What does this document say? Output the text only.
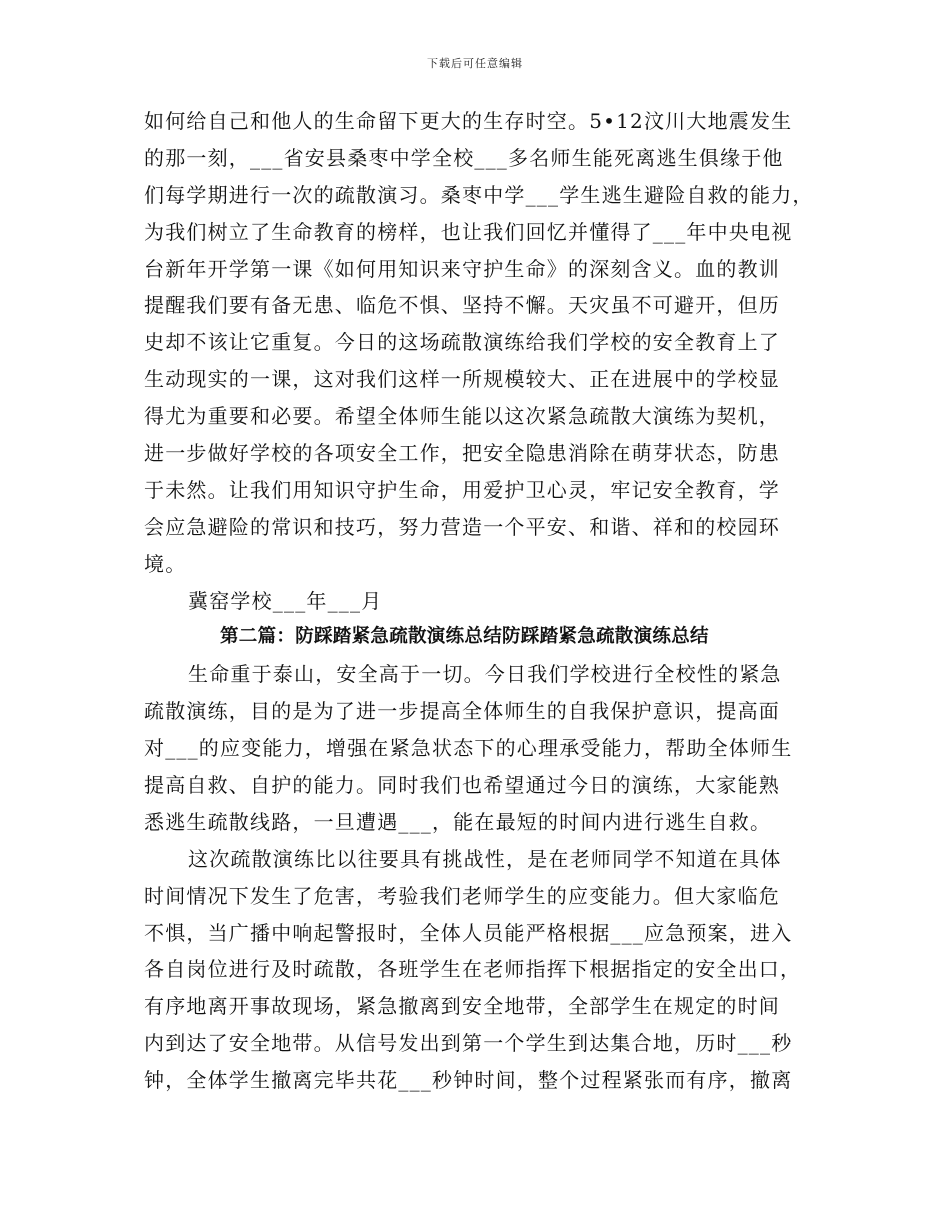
下载后可任意编辑
如何给自己和他人的生命留下更大的生存时空。5•12汶川大地震发生
的那一刻，___省安县桑枣中学全校___多名师生能死离逃生俱缘于他
们每学期进行一次的疏散演习。桑枣中学___学生逃生避险自救的能力，
为我们树立了生命教育的榜样，也让我们回忆并懂得了___年中央电视
台新年开学第一课《如何用知识来守护生命》的深刻含义。血的教训
提醒我们要有备无患、临危不惧、坚持不懈。天灾虽不可避开，但历
史却不该让它重复。今日的这场疏散演练给我们学校的安全教育上了
生动现实的一课，这对我们这样一所规模较大、正在进展中的学校显
得尤为重要和必要。希望全体师生能以这次紧急疏散大演练为契机，
进一步做好学校的各项安全工作，把安全隐患消除在萌芽状态，防患
于未然。让我们用知识守护生命，用爱护卫心灵，牢记安全教育，学
会应急避险的常识和技巧，努力营造一个平安、和谐、祥和的校园环
境。
冀窑学校___年___月
第二篇：防踩踏紧急疏散演练总结防踩踏紧急疏散演练总结
生命重于泰山，安全高于一切。今日我们学校进行全校性的紧急
疏散演练，目的是为了进一步提高全体师生的自我保护意识，提高面
对___的应变能力，增强在紧急状态下的心理承受能力，帮助全体师生
提高自救、自护的能力。同时我们也希望通过今日的演练，大家能熟
悉逃生疏散线路，一旦遭遇___，能在最短的时间内进行逃生自救。
这次疏散演练比以往要具有挑战性，是在老师同学不知道在具体
时间情况下发生了危害，考验我们老师学生的应变能力。但大家临危
不惧，当广播中响起警报时，全体人员能严格根据___应急预案，进入
各自岗位进行及时疏散，各班学生在老师指挥下根据指定的安全出口，
有序地离开事故现场，紧急撤离到安全地带，全部学生在规定的时间
内到达了安全地带。从信号发出到第一个学生到达集合地，历时___秒
钟，全体学生撤离完毕共花___秒钟时间，整个过程紧张而有序，撤离
